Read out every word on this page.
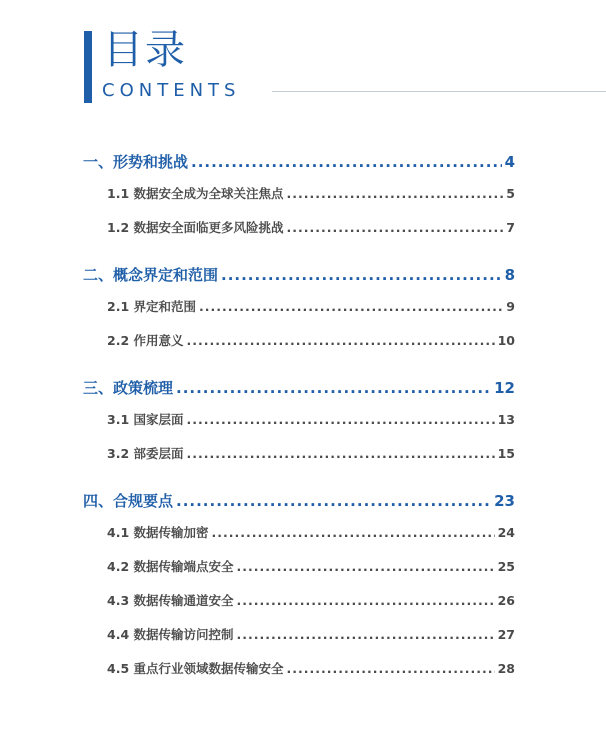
目录
CONTENTS
一、形势和挑战 .....	4
1.1 数据安全成为全球关注焦点 .....	5
1.2 数据安全面临更多风险挑战 .....	7
二、概念界定和范围 .....	8
2.1 界定和范围 .....	9
2.2 作用意义 .....	10
三、政策梳理 .....	12
3.1 国家层面 .....	13
3.2 部委层面 .....	15
四、合规要点 .....	23
4.1 数据传输加密 .....	24
4.2 数据传输端点安全 .....	25
4.3 数据传输通道安全 .....	26
4.4 数据传输访问控制 .....	27
4.5 重点行业领域数据传输安全 .....	28
